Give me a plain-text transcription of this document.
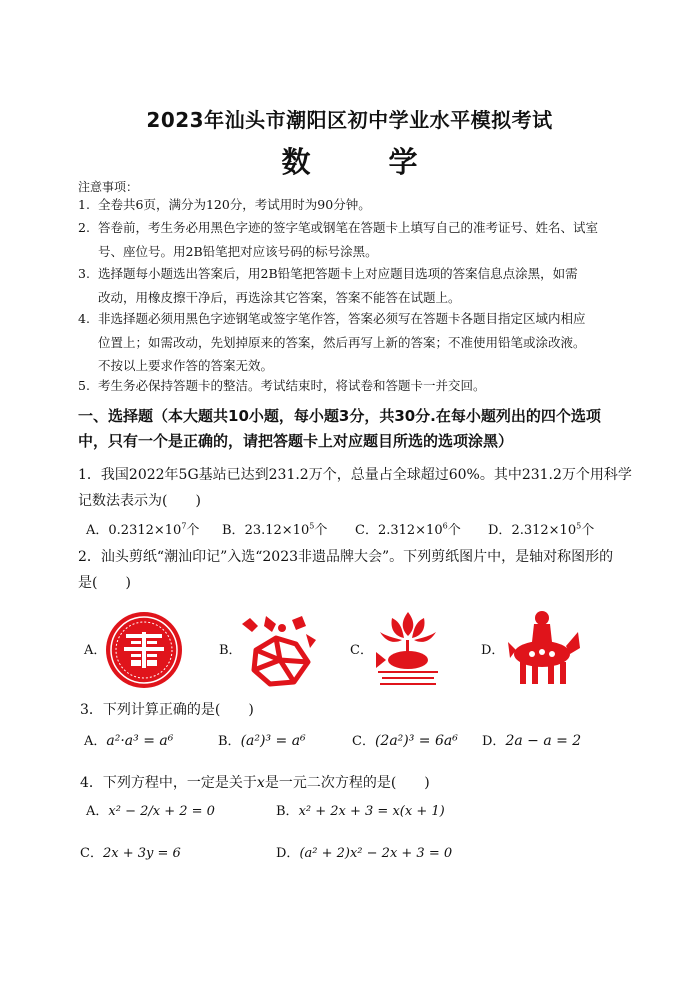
2023年汕头市潮阳区初中学业水平模拟考试
数 学
注意事项：
1. 全卷共6页，满分为120分，考试用时为90分钟。
2. 答卷前，考生务必用黑色字迹的签字笔或钢笔在答题卡上填写自己的准考证号、姓名、试室
号、座位号。用2B铅笔把对应该号码的标号涂黑。
3. 选择题每小题选出答案后，用2B铅笔把答题卡上对应题目选项的答案信息点涂黑，如需
改动，用橡皮擦干净后，再选涂其它答案，答案不能答在试题上。
4. 非选择题必须用黑色字迹钢笔或签字笔作答，答案必须写在答题卡各题目指定区域内相应
位置上；如需改动，先划掉原来的答案，然后再写上新的答案；不准使用铅笔或涂改液。
不按以上要求作答的答案无效。
5. 考生务必保持答题卡的整洁。考试结束时，将试卷和答题卡一并交回。
一、选择题（本大题共10小题，每小题3分，共30分.在每小题列出的四个选项
中，只有一个是正确的，请把答题卡上对应题目所选的选项涂黑）
1．我国2022年5G基站已达到231.2万个，总量占全球超过60%。其中231.2万个用科学
记数法表示为(　　)
A．$0.2312\times 10^7$个 B．$23.12\times 10^5$个 C．$2.312\times 10^6$个 D．$2.312\times 10^5$个
2．汕头剪纸“潮汕印记”入选“2023非遗品牌大会”。下列剪纸图片中，是轴对称图形的
是(　　)
A．	B．	C．	D．
3．下列计算正确的是(　　)
A．a²·a³ = a⁶	B．(a²)³ = a⁶	C．(2a²)³ = 6a⁶ D．2a − a = 2
4．下列方程中，一定是关于x是一元二次方程的是(　　)
A．x² − 2/x + 2 = 0	B．x² + 2x + 3 = x(x + 1)
C．2x + 3y = 6	D．(a² + 2)x² − 2x + 3 = 0
